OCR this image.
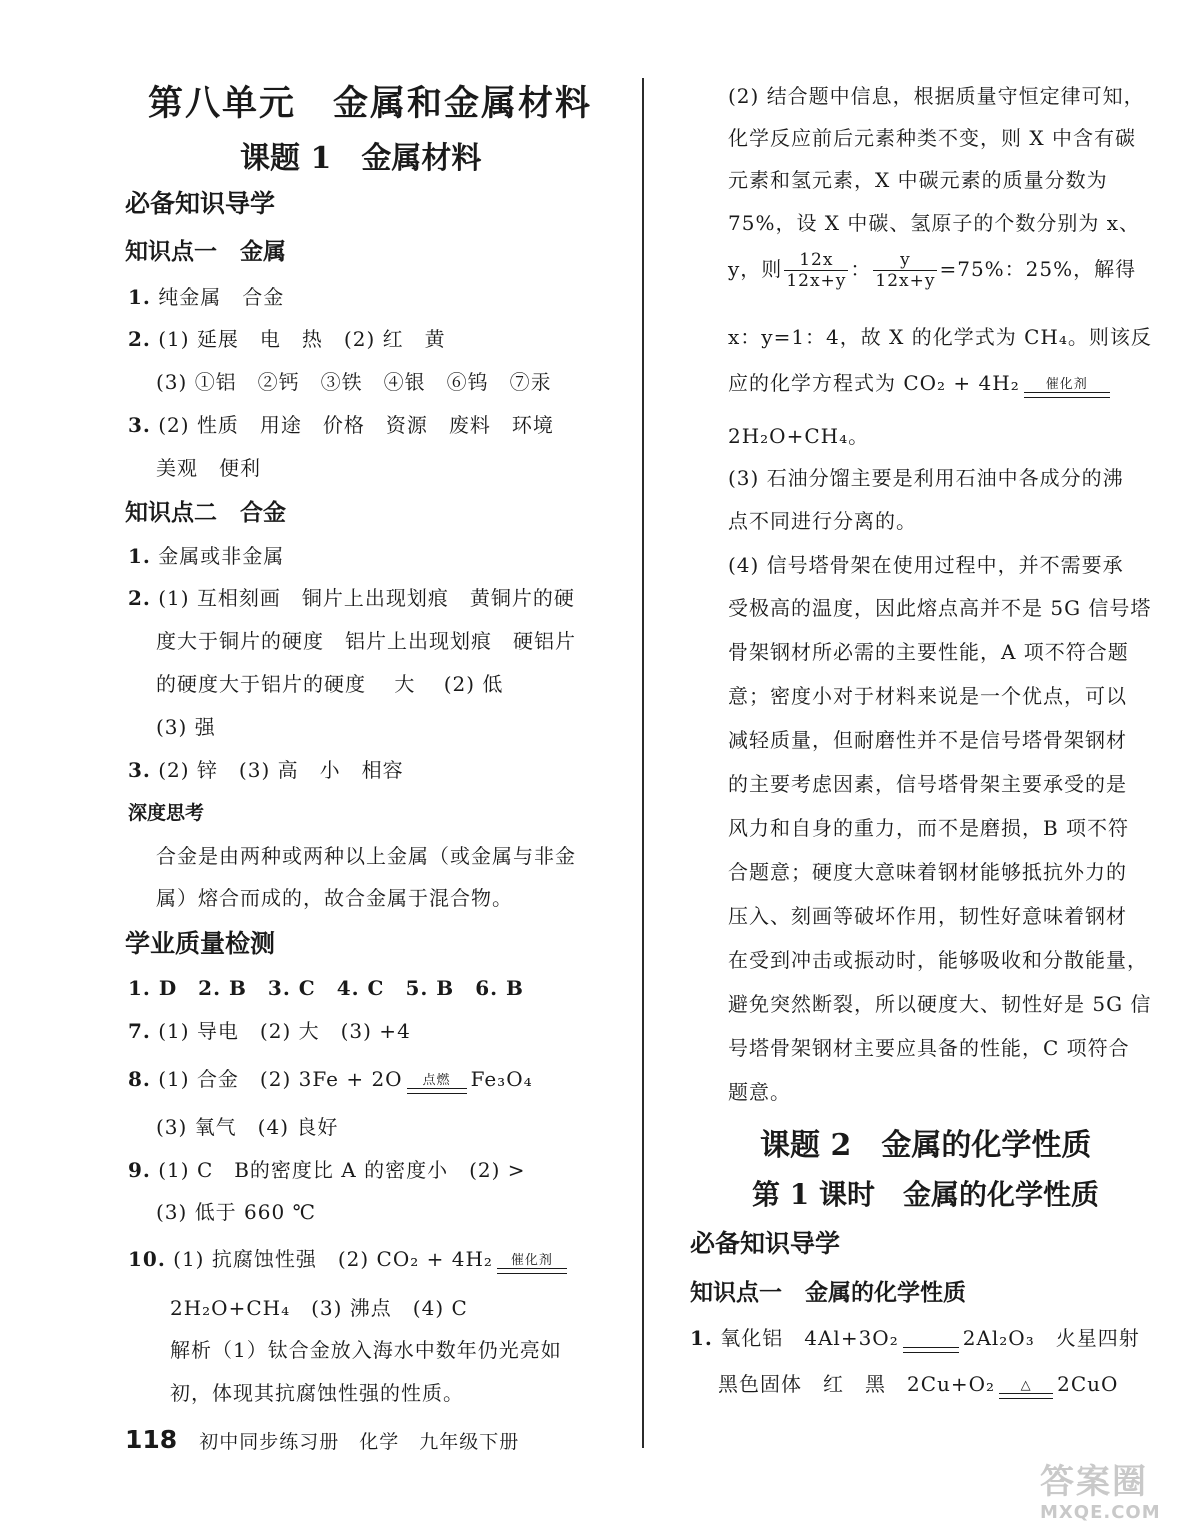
第八单元　金属和金属材料
课题 1　金属材料
必备知识导学
知识点一　金属
1. 纯金属　合金
2. (1) 延展　电　热　(2) 红　黄
(3) ①铝　②钙　③铁　④银　⑥钨　⑦汞
3. (2) 性质　用途　价格　资源　废料　环境
美观　便利
知识点二　合金
1. 金属或非金属
2. (1) 互相刻画　铜片上出现划痕　黄铜片的硬
度大于铜片的硬度　铝片上出现划痕　硬铝片
的硬度大于铝片的硬度　 大　 (2) 低
(3) 强
3. (2) 锌　(3) 高　小　相容
深度思考
合金是由两种或两种以上金属（或金属与非金
属）熔合而成的，故合金属于混合物。
学业质量检测
1. D　2. B　3. C　4. C　5. B　6. B
7. (1) 导电　(2) 大　(3) +4
8. (1) 合金　(2) 3Fe + 2O 点燃 Fe₃O₄
(3) 氧气　(4) 良好
9. (1) C　B的密度比 A 的密度小　(2) >
(3) 低于 660 ℃
10. (1) 抗腐蚀性强　(2) CO₂ + 4H₂ 催化剂
2H₂O+CH₄　(3) 沸点　(4) C
解析（1）钛合金放入海水中数年仍光亮如
初，体现其抗腐蚀性强的性质。
(2) 结合题中信息，根据质量守恒定律可知，
化学反应前后元素种类不变，则 X 中含有碳
元素和氢元素，X 中碳元素的质量分数为
75%，设 X 中碳、氢原子的个数分别为 x、
y，则 $\frac{12x}{12x+y}$ ： $\frac{y}{12x+y} =75\%$：25%，解得
x：y=1：4，故 X 的化学式为 CH₄。则该反
应的化学方程式为 CO₂ + 4H₂ 催化剂
2H₂O+CH₄。
(3) 石油分馏主要是利用石油中各成分的沸
点不同进行分离的。
(4) 信号塔骨架在使用过程中，并不需要承
受极高的温度，因此熔点高并不是 5G 信号塔
骨架钢材所必需的主要性能，A 项不符合题
意；密度小对于材料来说是一个优点，可以
减轻质量，但耐磨性并不是信号塔骨架钢材
的主要考虑因素，信号塔骨架主要承受的是
风力和自身的重力，而不是磨损，B 项不符
合题意；硬度大意味着钢材能够抵抗外力的
压入、刻画等破坏作用，韧性好意味着钢材
在受到冲击或振动时，能够吸收和分散能量，
避免突然断裂，所以硬度大、韧性好是 5G 信
号塔骨架钢材主要应具备的性能，C 项符合
题意。
课题 2　金属的化学性质
第 1 课时　金属的化学性质
必备知识导学
知识点一　金属的化学性质
1. 氧化铝　4Al+3O₂
	2Al₂O₃　火星四射
黑色固体　红　黑　2Cu+O₂ △ 2CuO
118 初中同步练习册　化学　九年级下册
答案圈
MXQE.COM
